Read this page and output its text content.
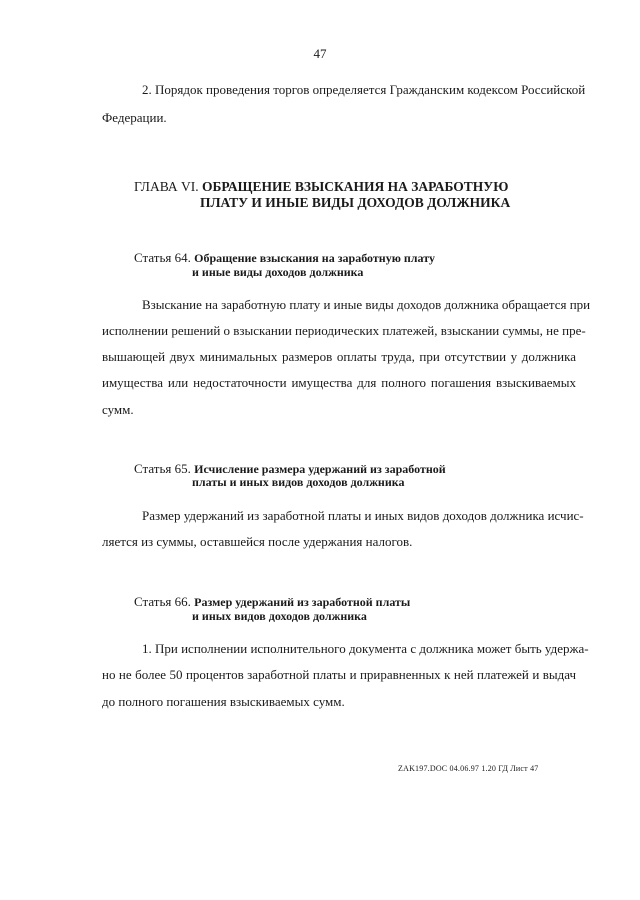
47
2. Порядок проведения торгов определяется Гражданским кодексом Российской
Федерации.
ГЛАВА VI. ОБРАЩЕНИЕ ВЗЫСКАНИЯ НА ЗАРАБОТНУЮ
ПЛАТУ И ИНЫЕ ВИДЫ ДОХОДОВ ДОЛЖНИКА
Статья 64. Обращение взыскания на заработную плату
и иные виды доходов должника
Взыскание на заработную плату и иные виды доходов должника обращается при
исполнении решений о взыскании периодических платежей, взыскании суммы, не пре-
вышающей двух минимальных размеров оплаты труда, при отсутствии у должника
имущества или недостаточности имущества для полного погашения взыскиваемых
сумм.
Статья 65. Исчисление размера удержаний из заработной
платы и иных видов доходов должника
Размер удержаний из заработной платы и иных видов доходов должника исчис-
ляется из суммы, оставшейся после удержания налогов.
Статья 66. Размер удержаний из заработной платы
и иных видов доходов должника
1. При исполнении исполнительного документа с должника может быть удержа-
но не более 50 процентов заработной платы и приравненных к ней платежей и выдач
до полного погашения взыскиваемых сумм.
ZAK197.DOC 04.06.97 1.20 ГД Лист 47
